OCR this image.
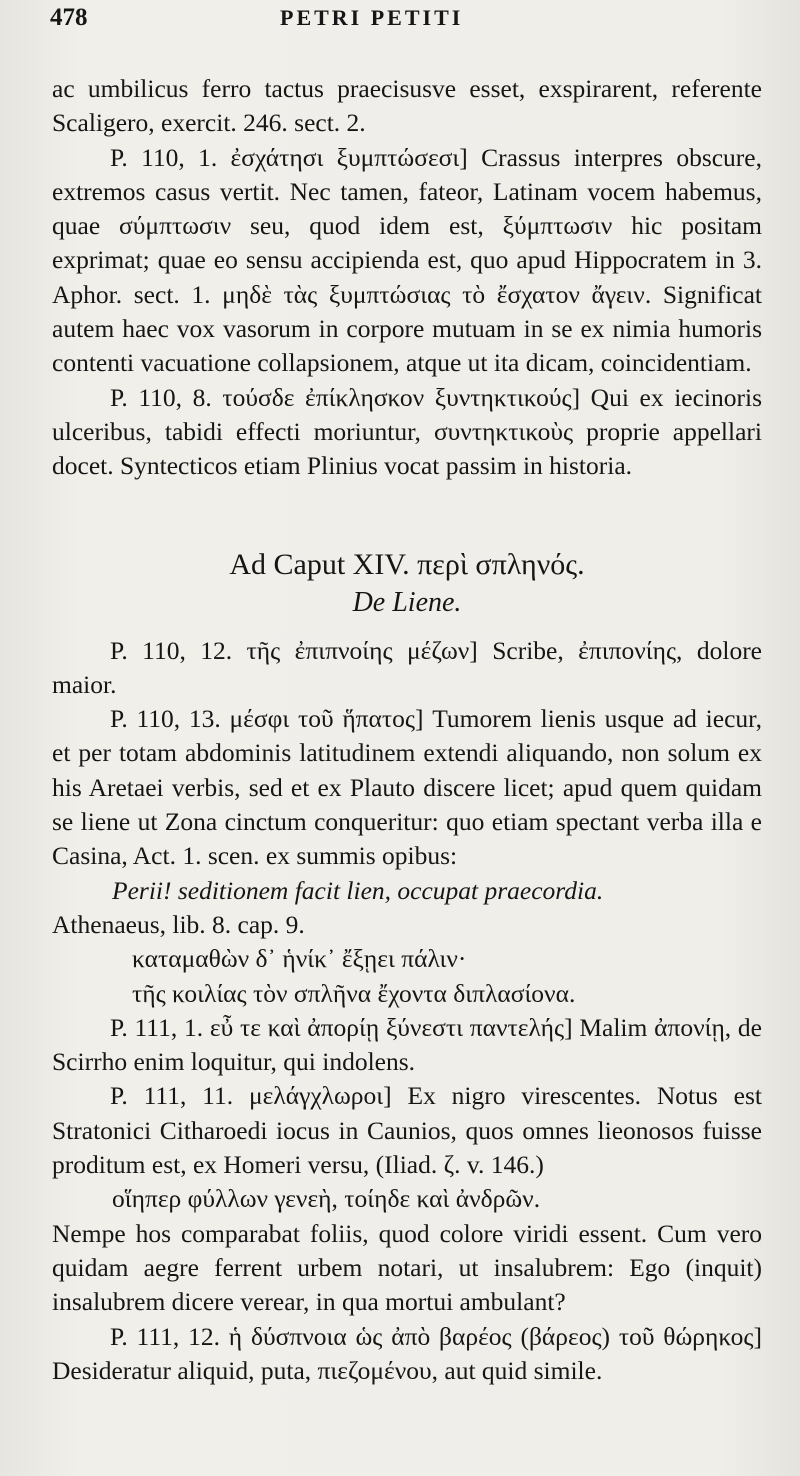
478	PETRI PETITI

ac umbilicus ferro tactus praecisusve esset, exspirarent, referente Scaligero, exercit. 246. sect. 2.

P. 110, 1. ἐσχάτησι ξυμπτώσεσι] Crassus interpres obscure, extremos casus vertit. Nec tamen, fateor, Latinam vocem habemus, quae σύμπτωσιν seu, quod idem est, ξύμπτωσιν hic positam exprimat; quae eo sensu accipienda est, quo apud Hippocratem in 3. Aphor. sect. 1. μηδὲ τὰς ξυμπτώσιας τὸ ἔσχατον ἄγειν. Significat autem haec vox vasorum in corpore mutuam in se ex nimia humoris contenti vacuatione collapsionem, atque ut ita dicam, coincidentiam.

P. 110, 8. τούσδε ἐπίκλησκον ξυντηκτικούς] Qui ex iecinoris ulceribus, tabidi effecti moriuntur, συντηκτικοὺς proprie appellari docet. Syntecticos etiam Plinius vocat passim in historia.

Ad Caput XIV. περὶ σπληνός.
De Liene.

P. 110, 12. τῆς ἐπιπνοίης μέζων] Scribe, ἐπιπονίης, dolore maior.

P. 110, 13. μέσφι τοῦ ἥπατος] Tumorem lienis usque ad iecur, et per totam abdominis latitudinem extendi aliquando, non solum ex his Aretaei verbis, sed et ex Plauto discere licet; apud quem quidam se liene ut Zona cinctum conqueritur: quo etiam spectant verba illa e Casina, Act. 1. scen. ex summis opibus:

Perii! seditionem facit lien, occupat praecordia.

Athenaeus, lib. 8. cap. 9.

καταμαθὼν δ᾽ ἡνίκ᾽ ἔξῃει πάλιν·

τῆς κοιλίας τὸν σπλῆνα ἔχοντα διπλασίονα.

P. 111, 1. εὖ τε καὶ ἀπορίῃ ξύνεστι παντελής] Malim ἀπονίῃ, de Scirrho enim loquitur, qui indolens.

P. 111, 11. μελάγχλωροι] Ex nigro virescentes. Notus est Stratonici Citharoedi iocus in Caunios, quos omnes lieonosos fuisse proditum est, ex Homeri versu, (Iliad. ζ. v. 146.)

οἵηπερ φύλλων γενεὴ, τοίηδε καὶ ἀνδρῶν.

Nempe hos comparabat foliis, quod colore viridi essent. Cum vero quidam aegre ferrent urbem notari, ut insalubrem: Ego (inquit) insalubrem dicere verear, in qua mortui ambulant?

P. 111, 12. ἡ δύσπνοια ὡς ἀπὸ βαρέος (βάρεος) τοῦ θώρηκος] Desideratur aliquid, puta, πιεζομένου, aut quid simile.
